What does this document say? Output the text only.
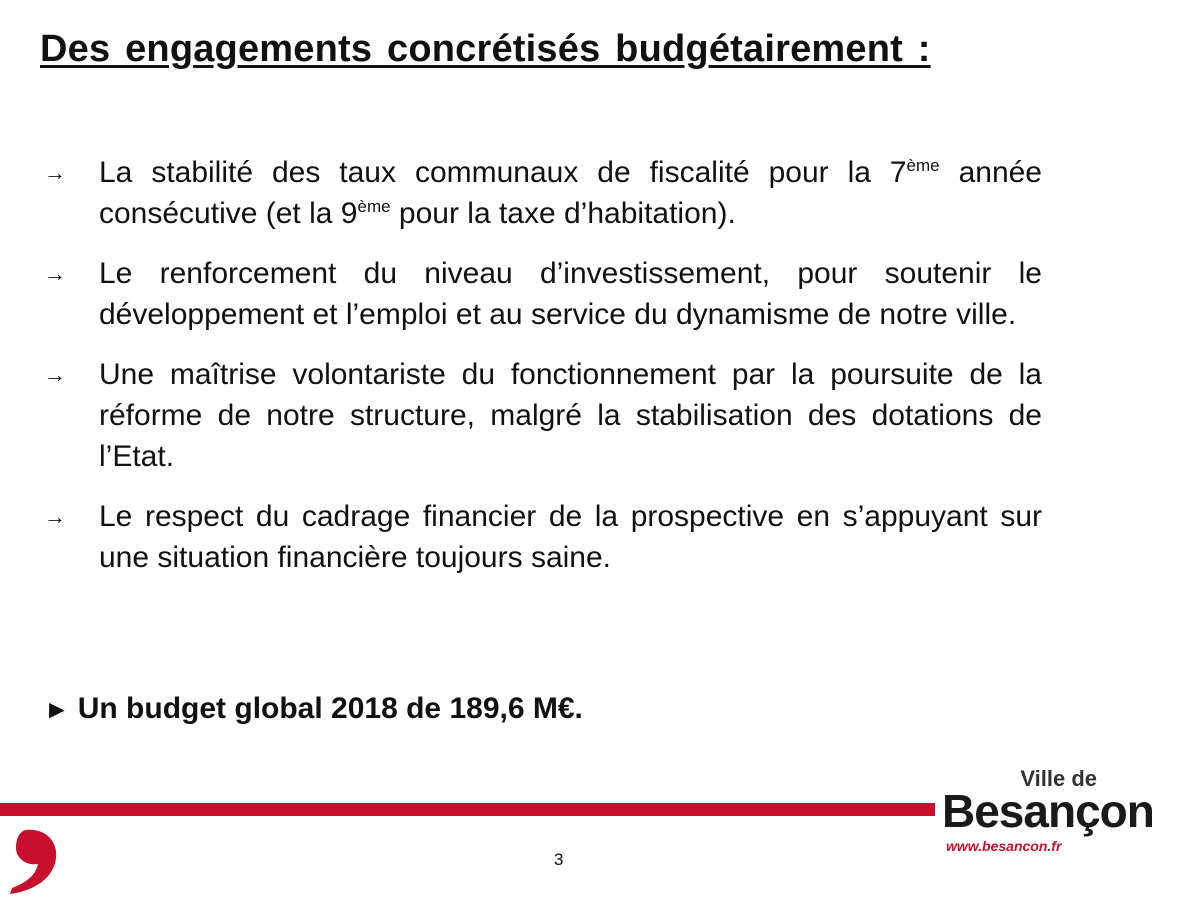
Des engagements concrétisés budgétairement :
→ La stabilité des taux communaux de fiscalité pour la 7ème année consécutive (et la 9ème pour la taxe d’habitation).
→ Le renforcement du niveau d’investissement, pour soutenir le développement et l’emploi et au service du dynamisme de notre ville.
→ Une maîtrise volontariste du fonctionnement par la poursuite de la réforme de notre structure, malgré la stabilisation des dotations de l’Etat.
→ Le respect du cadrage financier de la prospective en s’appuyant sur une situation financière toujours saine.

► Un budget global 2018 de 189,6 M€.

3
Ville de
Besançon
www.besancon.fr
